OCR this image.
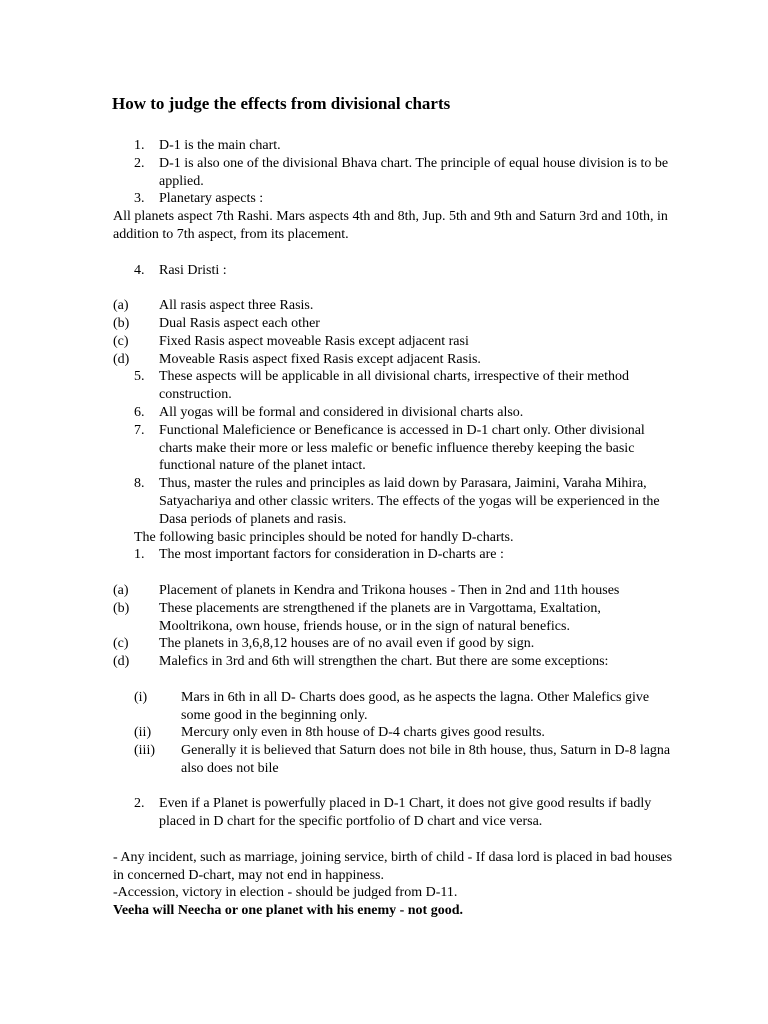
How to judge the effects from divisional charts
1.	D-1 is the main chart.
2.	D-1 is also one of the divisional Bhava chart. The principle of equal house division is to be applied.
3.	Planetary aspects :
All planets aspect 7th Rashi. Mars aspects 4th and 8th, Jup. 5th and 9th and Saturn 3rd and 10th, in addition to 7th aspect, from its placement.
4.	Rasi Dristi :
(a)	All rasis aspect three Rasis.
(b)	Dual Rasis aspect each other
(c)	Fixed Rasis aspect moveable Rasis except adjacent rasi
(d)	Moveable Rasis aspect fixed Rasis except adjacent Rasis.
5.	These aspects will be applicable in all divisional charts, irrespective of their method construction.
6.	All yogas will be formal and considered in divisional charts also.
7.	Functional Maleficience or Beneficance is accessed in D-1 chart only. Other divisional charts make their more or less malefic or benefic influence thereby keeping the basic functional nature of the planet intact.
8.	Thus, master the rules and principles as laid down by Parasara, Jaimini, Varaha Mihira, Satyachariya and other classic writers. The effects of the yogas will be experienced in the Dasa periods of planets and rasis.
The following basic principles should be noted for handly D-charts.
1.	The most important factors for consideration in D-charts are :
(a)	Placement of planets in Kendra and Trikona houses - Then in 2nd and 11th houses
(b)	These placements are strengthened if the planets are in Vargottama, Exaltation, Mooltrikona, own house, friends house, or in the sign of natural benefics.
(c)	The planets in 3,6,8,12 houses are of no avail even if good by sign.
(d)	Malefics in 3rd and 6th will strengthen the chart. But there are some exceptions:
(i)	Mars in 6th in all D- Charts does good, as he aspects the lagna. Other Malefics give some good in the beginning only.
(ii)	Mercury only even in 8th house of D-4 charts gives good results.
(iii)	Generally it is believed that Saturn does not bile in 8th house, thus, Saturn in D-8 lagna also does not bile
2.	Even if a Planet is powerfully placed in D-1 Chart, it does not give good results if badly placed in D chart for the specific portfolio of D chart and vice versa.
- Any incident, such as marriage, joining service, birth of child - If dasa lord is placed in bad houses in concerned D-chart, may not end in happiness.
-Accession, victory in election - should be judged from D-11.
Veeha will Neecha or one planet with his enemy - not good.
